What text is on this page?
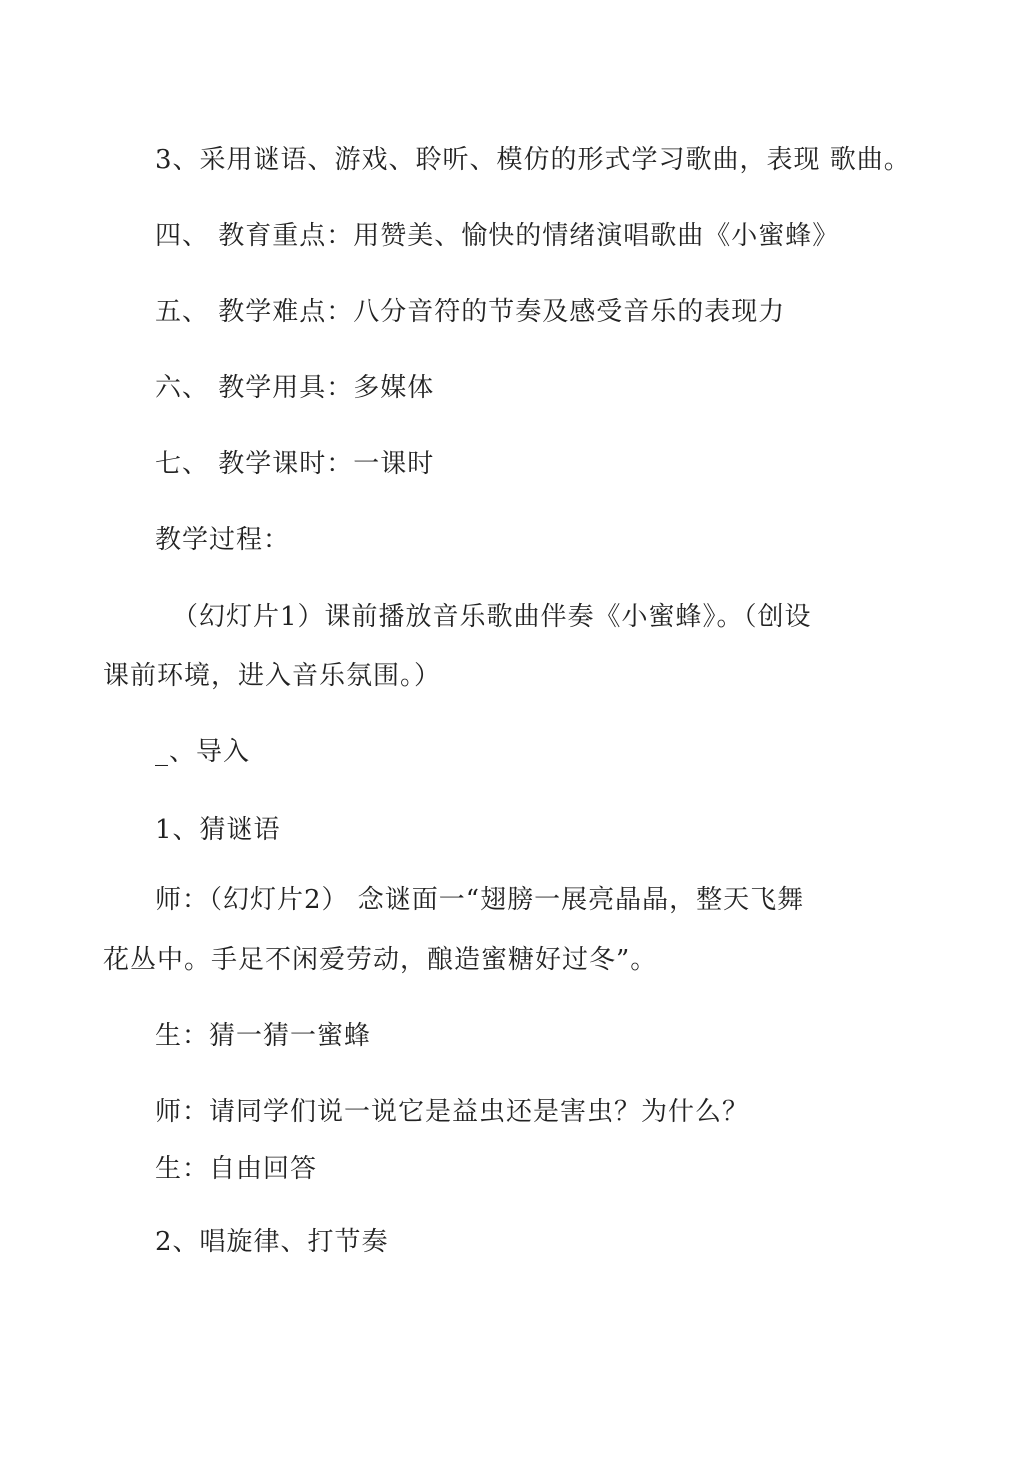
3、采用谜语、游戏、聆听、模仿的形式学习歌曲，表现 歌曲。

四、 教育重点：用赞美、愉快的情绪演唱歌曲《小蜜蜂》

五、 教学难点：八分音符的节奏及感受音乐的表现力

六、 教学用具：多媒体

七、 教学课时：一课时

教学过程：

（幻灯片1）课前播放音乐歌曲伴奏《小蜜蜂》。（创设

课前环境，进入音乐氛围。）

_、导入

1、猜谜语

师：（幻灯片2） 念谜面一“翅膀一展亮晶晶，整天飞舞

花丛中。手足不闲爱劳动，酿造蜜糖好过冬”。

生：猜一猜一蜜蜂

师：请同学们说一说它是益虫还是害虫？为什么？

生：自由回答

2、唱旋律、打节奏
